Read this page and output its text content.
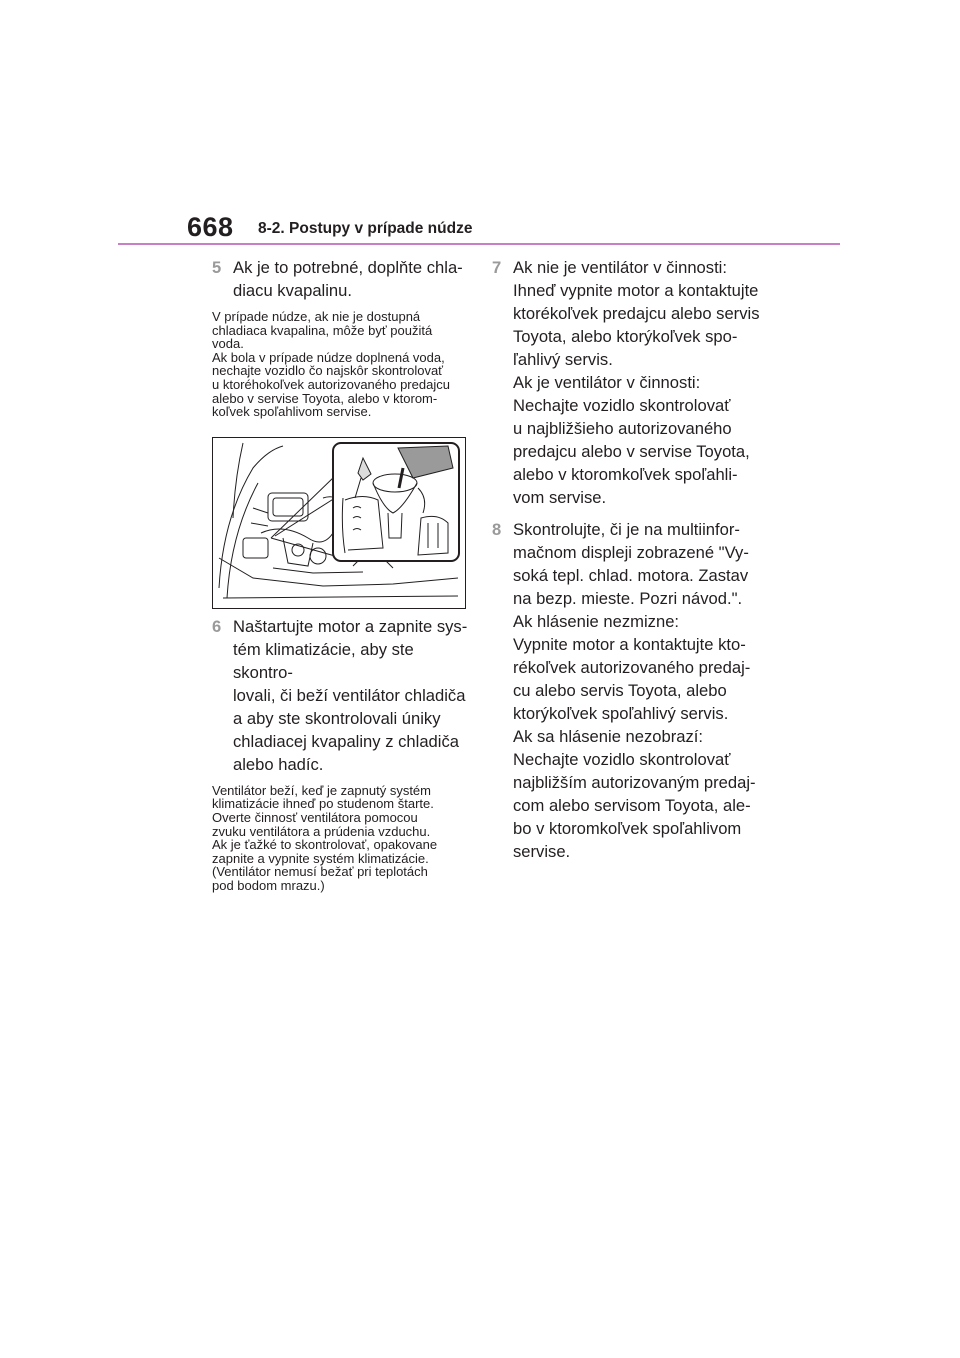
668 8-2. Postupy v prípade núdze
5 Ak je to potrebné, doplňte chla-

diacu kvapalinu.

V prípade núdze, ak nie je dostupná

chladiaca kvapalina, môže byť použitá

voda.

Ak bola v prípade núdze doplnená voda,

nechajte vozidlo čo najskôr skontrolovať

u ktoréhokoľvek autorizovaného predajcu

alebo v servise Toyota, alebo v ktorom-

koľvek spoľahlivom servise.

6 Naštartujte motor a zapnite sys-

tém klimatizácie, aby ste skontro-

lovali, či beží ventilátor chladiča

a aby ste skontrolovali úniky

chladiacej kvapaliny z chladiča

alebo hadíc.

Ventilátor beží, keď je zapnutý systém

klimatizácie ihneď po studenom štarte.

Overte činnosť ventilátora pomocou

zvuku ventilátora a prúdenia vzduchu.

Ak je ťažké to skontrolovať, opakovane

zapnite a vypnite systém klimatizácie.

(Ventilátor nemusí bežať pri teplotách

pod bodom mrazu.)

7 Ak nie je ventilátor v činnosti:

Ihneď vypnite motor a kontaktujte

ktorékoľvek predajcu alebo servis

Toyota, alebo ktorýkoľvek spo-

ľahlivý servis.

Ak je ventilátor v činnosti:

Nechajte vozidlo skontrolovať

u najbližšieho autorizovaného

predajcu alebo v servise Toyota,

alebo v ktoromkoľvek spoľahli-

vom servise.

8 Skontrolujte, či je na multiinfor-

mačnom displeji zobrazené "Vy-

soká tepl. chlad. motora. Zastav

na bezp. mieste. Pozri návod.".

Ak hlásenie nezmizne:

Vypnite motor a kontaktujte kto-

rékoľvek autorizovaného predaj-

cu alebo servis Toyota, alebo

ktorýkoľvek spoľahlivý servis.

Ak sa hlásenie nezobrazí:

Nechajte vozidlo skontrolovať

najbližším autorizovaným predaj-

com alebo servisom Toyota, ale-

bo v ktoromkoľvek spoľahlivom

servise.
